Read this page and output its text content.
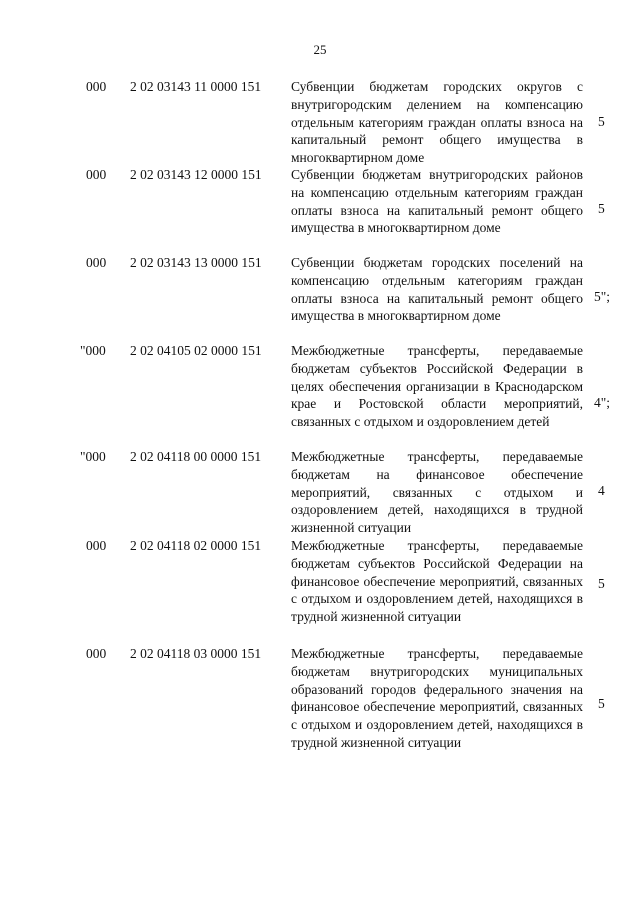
25
000 2 02 03143 11 0000 151 Субвенции бюджетам городских округов с внутригородским делением на компенсацию отдельным категориям граждан оплаты взноса на капитальный ремонт общего имущества в многоквартирном доме
5
000 2 02 03143 12 0000 151 Субвенции бюджетам внутригородских районов на компенсацию отдельным категориям граждан оплаты взноса на капитальный ремонт общего имущества в многоквартирном доме
5
000 2 02 03143 13 0000 151 Субвенции бюджетам городских поселений на компенсацию отдельным категориям граждан оплаты взноса на капитальный ремонт общего имущества в многоквартирном доме
5";
"000 2 02 04105 02 0000 151 Межбюджетные трансферты, передаваемые бюджетам субъектов Российской Федерации в целях обеспечения организации в Краснодарском крае и Ростовской области мероприятий, связанных с отдыхом и оздоровлением детей
4";
"000 2 02 04118 00 0000 151 Межбюджетные трансферты, передаваемые бюджетам на финансовое обеспечение мероприятий, связанных с отдыхом и оздоровлением детей, находящихся в трудной жизненной ситуации
4
000 2 02 04118 02 0000 151 Межбюджетные трансферты, передаваемые бюджетам субъектов Российской Федерации на финансовое обеспечение мероприятий, связанных с отдыхом и оздоровлением детей, находящихся в трудной жизненной ситуации
5
000 2 02 04118 03 0000 151 Межбюджетные трансферты, передаваемые бюджетам внутригородских муниципальных образований городов федерального значения на финансовое обеспечение мероприятий, связанных с отдыхом и оздоровлением детей, находящихся в трудной жизненной ситуации
5
